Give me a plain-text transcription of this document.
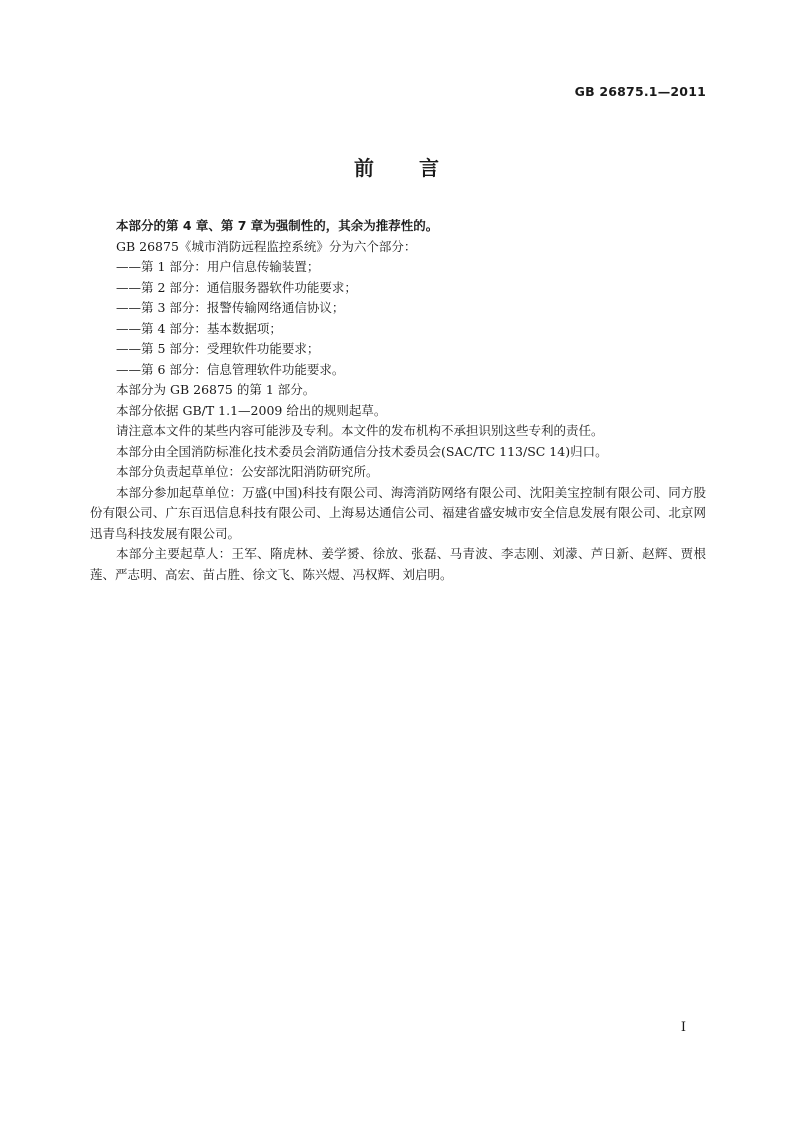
GB 26875.1—2011
前 言

本部分的第 4 章、第 7 章为强制性的，其余为推荐性的。

GB 26875《城市消防远程监控系统》分为六个部分：

——第 1 部分：用户信息传输装置；

——第 2 部分：通信服务器软件功能要求；

——第 3 部分：报警传输网络通信协议；

——第 4 部分：基本数据项；

——第 5 部分：受理软件功能要求；

——第 6 部分：信息管理软件功能要求。

本部分为 GB 26875 的第 1 部分。

本部分依据 GB/T 1.1—2009 给出的规则起草。

请注意本文件的某些内容可能涉及专利。本文件的发布机构不承担识别这些专利的责任。

本部分由全国消防标准化技术委员会消防通信分技术委员会(SAC/TC 113/SC 14)归口。

本部分负责起草单位：公安部沈阳消防研究所。

本部分参加起草单位：万盛(中国)科技有限公司、海湾消防网络有限公司、沈阳美宝控制有限公司、同方股份有限公司、广东百迅信息科技有限公司、上海易达通信公司、福建省盛安城市安全信息发展有限公司、北京网迅青鸟科技发展有限公司。

本部分主要起草人：王军、隋虎林、姜学赟、徐放、张磊、马青波、李志刚、刘濛、芦日新、赵辉、贾根莲、严志明、高宏、苗占胜、徐文飞、陈兴煜、冯权辉、刘启明。

I
